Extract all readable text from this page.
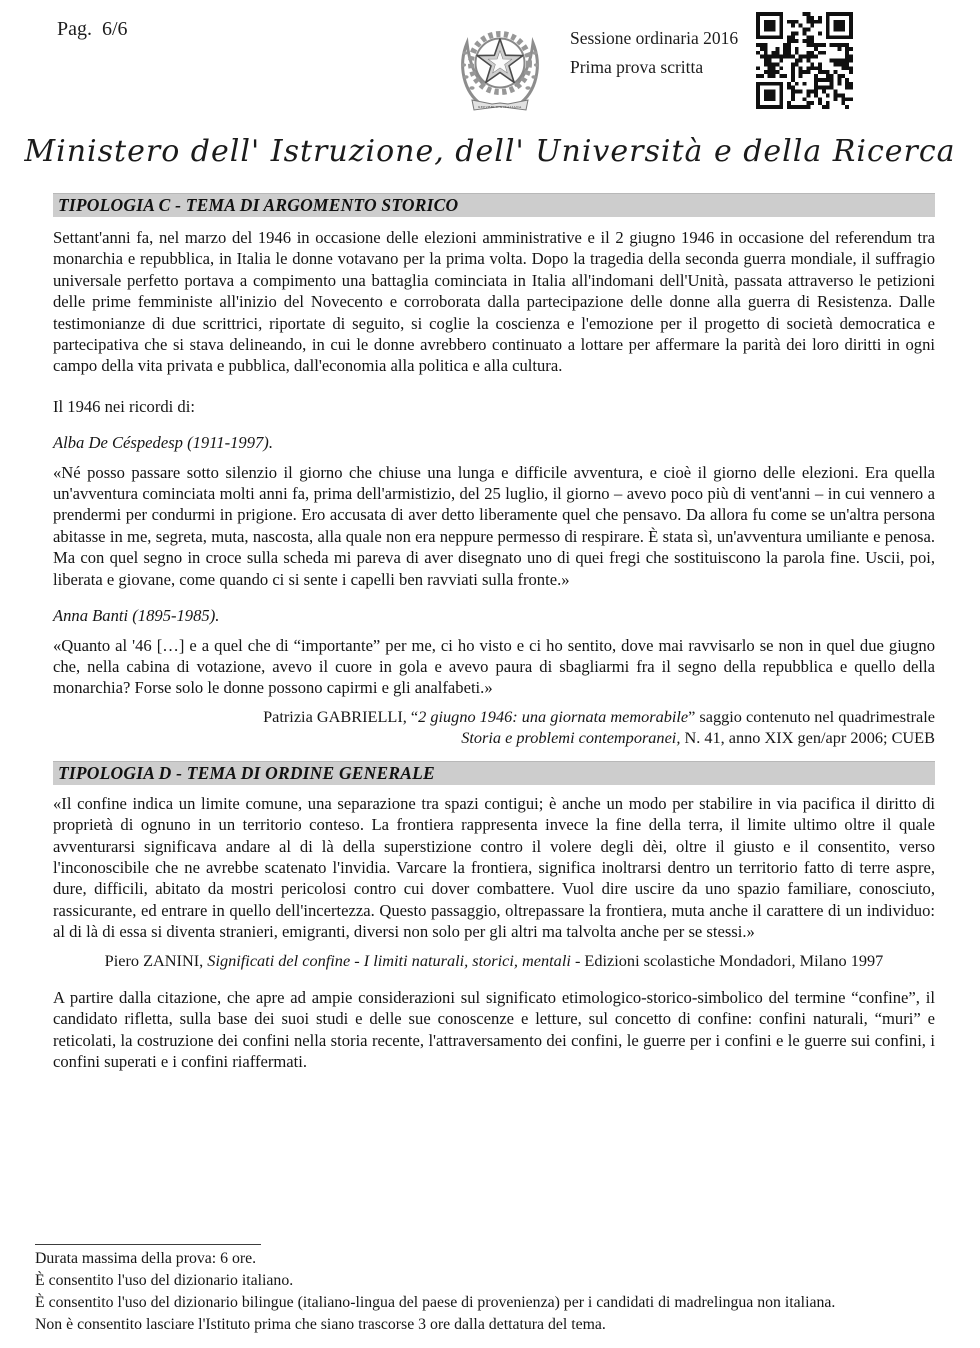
Pag.  6/6
REPVBBLICA ITALIANA
Sessione ordinaria 2016
Prima prova scritta
Ministero dell' Istruzione, dell' Università e della Ricerca
TIPOLOGIA C - TEMA DI ARGOMENTO STORICO

Settant'anni fa, nel marzo del 1946 in occasione delle elezioni amministrative e il 2 giugno 1946 in occasione del referendum tra monarchia e repubblica, in Italia le donne votavano per la prima volta. Dopo la tragedia della seconda guerra mondiale, il suffragio universale perfetto portava a compimento una battaglia cominciata in Italia all'indomani dell'Unità, passata attraverso le petizioni delle prime femministe all'inizio del Novecento e corroborata dalla partecipazione delle donne alla guerra di Resistenza. Dalle testimonianze di due scrittrici, riportate di seguito, si coglie la coscienza e l'emozione per il progetto di società democratica e partecipativa che si stava delineando, in cui le donne avrebbero continuato a lottare per affermare la parità dei loro diritti in ogni campo della vita privata e pubblica, dall'economia alla politica e alla cultura.

Il 1946 nei ricordi di:

Alba De Céspedesp (1911-1997).

«Né posso passare sotto silenzio il giorno che chiuse una lunga e difficile avventura, e cioè il giorno delle elezioni. Era quella un'avventura cominciata molti anni fa, prima dell'armistizio, del 25 luglio, il giorno – avevo poco più di vent'anni – in cui vennero a prendermi per condurmi in prigione. Ero accusata di aver detto liberamente quel che pensavo. Da allora fu come se un'altra persona abitasse in me, segreta, muta, nascosta, alla quale non era neppure permesso di respirare. È stata sì, un'avventura umiliante e penosa. Ma con quel segno in croce sulla scheda mi pareva di aver disegnato uno di quei fregi che sostituiscono la parola fine. Uscii, poi, liberata e giovane, come quando ci si sente i capelli ben ravviati sulla fronte.»

Anna Banti (1895-1985).

«Quanto al '46 […] e a quel che di “importante” per me, ci ho visto e ci ho sentito, dove mai ravvisarlo se non in quel due giugno che, nella cabina di votazione, avevo il cuore in gola e avevo paura di sbagliarmi fra il segno della repubblica e quello della monarchia? Forse solo le donne possono capirmi e gli analfabeti.»

Patrizia GABRIELLI, “2 giugno 1946: una giornata memorabile” saggio contenuto nel quadrimestrale
Storia e problemi contemporanei, N. 41, anno XIX gen/apr 2006; CUEB
TIPOLOGIA D - TEMA DI ORDINE GENERALE

«Il confine indica un limite comune, una separazione tra spazi contigui; è anche un modo per stabilire in via pacifica il diritto di proprietà di ognuno in un territorio conteso. La frontiera rappresenta invece la fine della terra, il limite ultimo oltre il quale avventurarsi significava andare al di là della superstizione contro il volere degli dèi, oltre il giusto e il consentito, verso l'inconoscibile che ne avrebbe scatenato l'invidia. Varcare la frontiera, significa inoltrarsi dentro un territorio fatto di terre aspre, dure, difficili, abitato da mostri pericolosi contro cui dover combattere. Vuol dire uscire da uno spazio familiare, conosciuto, rassicurante, ed entrare in quello dell'incertezza. Questo passaggio, oltrepassare la frontiera, muta anche il carattere di un individuo: al di là di essa si diventa stranieri, emigranti, diversi non solo per gli altri ma talvolta anche per se stessi.»

Piero ZANINI, Significati del confine - I limiti naturali, storici, mentali - Edizioni scolastiche Mondadori, Milano 1997

A partire dalla citazione, che apre ad ampie considerazioni sul significato etimologico-storico-simbolico del termine “confine”, il candidato rifletta, sulla base dei suoi studi e delle sue conoscenze e letture, sul concetto di confine: confini naturali, “muri” e reticolati, la costruzione dei confini nella storia recente, l'attraversamento dei confini, le guerre per i confini e le guerre sui confini, i confini superati e i confini riaffermati.

Durata massima della prova: 6 ore.
È consentito l'uso del dizionario italiano.
È consentito l'uso del dizionario bilingue (italiano-lingua del paese di provenienza) per i candidati di madrelingua non italiana.
Non è consentito lasciare l'Istituto prima che siano trascorse 3 ore dalla dettatura del tema.
